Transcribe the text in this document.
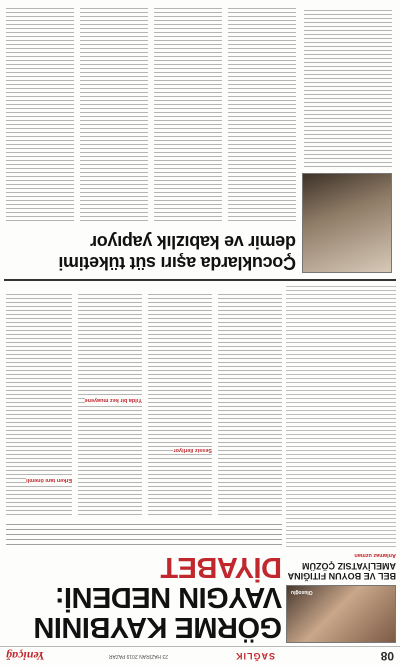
08
SAĞLIK
23 HAZİRAN 2019 PAZAR
Yeniçağ
Oluxoğlu
BEL VE BOYUN FITIĞINA AMELİYATSIZ ÇÖZÜM
Anlamaz uzman
GÖRME KAYBININ
VAYGIN NEDENİ:
DİYABET
Sessiz ilerliyor
Yılda bir kez muayene
Erken tanı önemli
Çocuklarda aşırı süt tüketimi
demir ve kabızlık yapıyor
